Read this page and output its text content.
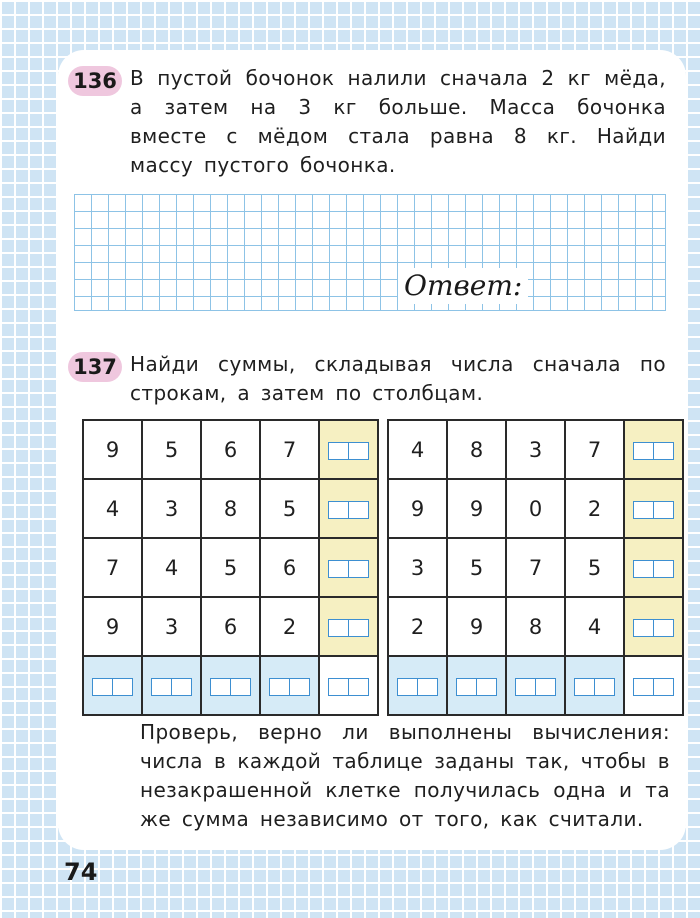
136 В пустой бочонок налили сначала 2 кг мёда, а затем на 3 кг больше. Масса бочонка вместе с мёдом стала равна 8 кг. Найди массу пустого бочонка.
Ответ:
137 Найди суммы, складывая числа сначала по строкам, а затем по столбцам.
9	5	6	7	

4	3	8	5	

7	4	5	6	

9	3	6	2	

4	8	3	7	

9	9	0	2	

3	5	7	5	

2	9	8	4	

Проверь, верно ли выполнены вычисления: числа в каждой таблице заданы так, чтобы в незакрашенной клетке получилась одна и та же сумма независимо от того, как считали.
74
